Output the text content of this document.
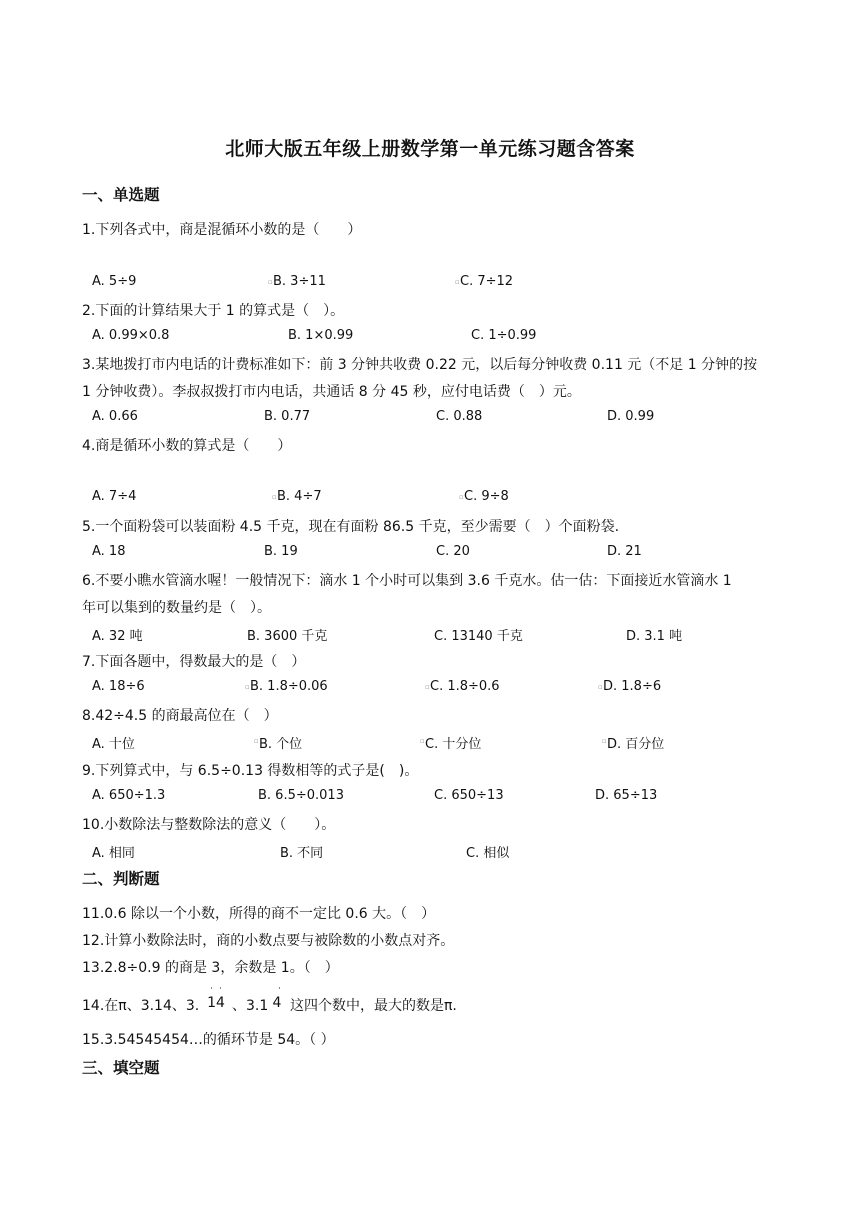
北师大版五年级上册数学第一单元练习题含答案
一、单选题
1.下列各式中，商是混循环小数的是（　　）
A. 5÷9	▫ B. 3÷11	▫ C. 7÷12
2.下面的计算结果大于 1 的算式是（　）。
A. 0.99×0.8	B. 1×0.99	C. 1÷0.99
3.某地拨打市内电话的计费标准如下：前 3 分钟共收费 0.22 元，以后每分钟收费 0.11 元（不足 1 分钟的按
1 分钟收费）。李叔叔拨打市内电话，共通话 8 分 45 秒，应付电话费（　）元。
A. 0.66	B. 0.77	C. 0.88	D. 0.99
4.商是循环小数的算式是（　　）
A. 7÷4	▫ B. 4÷7	▫ C. 9÷8
5.一个面粉袋可以装面粉 4.5 千克，现在有面粉 86.5 千克，至少需要（　）个面粉袋.
A. 18	B. 19	C. 20	D. 21
6.不要小瞧水管滴水喔！一般情况下：滴水 1 个小时可以集到 3.6 千克水。估一估：下面接近水管滴水 1
年可以集到的数量约是（　）。
A. 32 吨	B. 3600 千克	C. 13140 千克	D. 3.1 吨
7.下面各题中，得数最大的是（　）
A. 18÷6	▫ B. 1.8÷0.06	▫ C. 1.8÷0.6	▫ D. 1.8÷6
8.42÷4.5 的商最高位在（　）
A. 十位	▫ B. 个位	▫ C. 十分位	▫ D. 百分位
9.下列算式中，与 6.5÷0.13 得数相等的式子是(　)。
A. 650÷1.3	B. 6.5÷0.013	C. 650÷13	D. 65÷13
10.小数除法与整数除法的意义（　　）。
A. 相同	B. 不同	C. 相似
二、判断题
11.0.6 除以一个小数，所得的商不一定比 0.6 大。（　）
12.计算小数除法时，商的小数点要与被除数的小数点对齐。
13.2.8÷0.9 的商是 3，余数是 1。（　）
14.在π、3.14、3.
· ·
14 、3.1
·
4 这四个数中，最大的数是π.
15.3.54545454…的循环节是 54。（ ）
三、填空题
